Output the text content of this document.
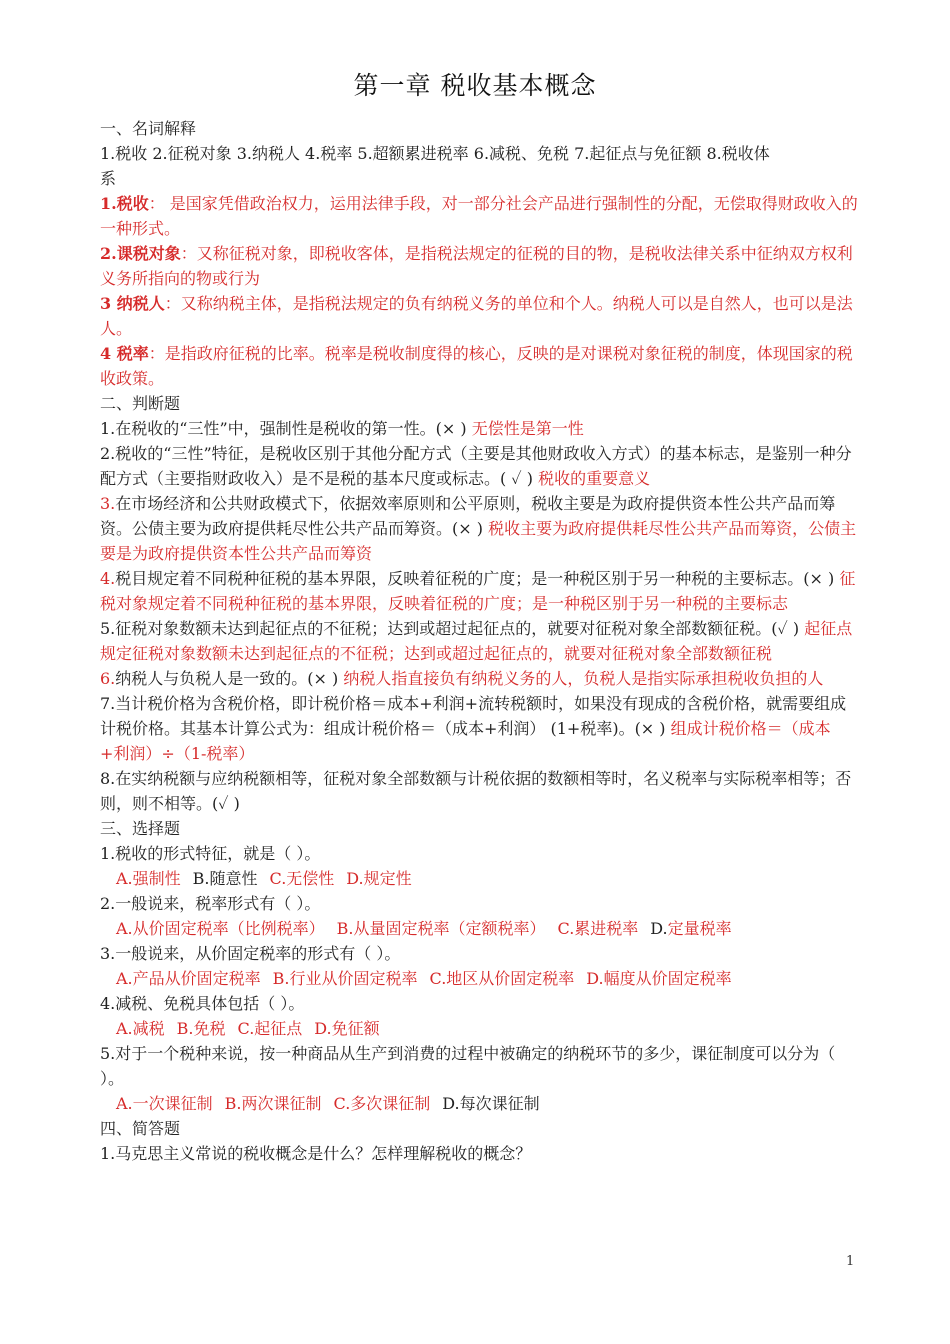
第一章 税收基本概念

一、名词解释

1.税收 2.征税对象 3.纳税人 4.税率 5.超额累进税率 6.减税、免税 7.起征点与免征额 8.税收体
系

1.税收： 是国家凭借政治权力，运用法律手段，对一部分社会产品进行强制性的分配，无偿取得财政收入的一种形式。

2.课税对象：又称征税对象，即税收客体，是指税法规定的征税的目的物，是税收法律关系中征纳双方权利义务所指向的物或行为

3 纳税人：又称纳税主体，是指税法规定的负有纳税义务的单位和个人。纳税人可以是自然人，也可以是法人。

4 税率：是指政府征税的比率。税率是税收制度得的核心，反映的是对课税对象征税的制度，体现国家的税收政策。

二、判断题

1.在税收的“三性”中，强制性是税收的第一性。(× ) 无偿性是第一性

2.税收的“三性”特征，是税收区别于其他分配方式（主要是其他财政收入方式）的基本标志，是鉴别一种分配方式（主要指财政收入）是不是税的基本尺度或标志。( ✓ ) 税收的重要意义

3.在市场经济和公共财政模式下，依据效率原则和公平原则，税收主要是为政府提供资本性公共产品而筹资。公债主要为政府提供耗尽性公共产品而筹资。(× ) 税收主要为政府提供耗尽性公共产品而筹资，公债主要是为政府提供资本性公共产品而筹资

4.税目规定着不同税种征税的基本界限，反映着征税的广度；是一种税区别于另一种税的主要标志。(× ) 征税对象规定着不同税种征税的基本界限，反映着征税的广度；是一种税区别于另一种税的主要标志

5.征税对象数额未达到起征点的不征税；达到或超过起征点的，就要对征税对象全部数额征税。(✓ ) 起征点规定征税对象数额未达到起征点的不征税；达到或超过起征点的，就要对征税对象全部数额征税

6.纳税人与负税人是一致的。(× ) 纳税人指直接负有纳税义务的人，负税人是指实际承担税收负担的人

7.当计税价格为含税价格，即计税价格＝成本+利润+流转税额时，如果没有现成的含税价格，就需要组成计税价格。其基本计算公式为：组成计税价格＝（成本+利润） (1+税率)。(× ) 组成计税价格＝（成本+利润）÷（1-税率）

8.在实纳税额与应纳税额相等，征税对象全部数额与计税依据的数额相等时，名义税率与实际税率相等；否则，则不相等。(✓ )

三、选择题

1.税收的形式特征，就是（ ）。

A.强制性 B.随意性 C.无偿性 D.规定性

2.一般说来，税率形式有（ ）。

A.从价固定税率（比例税率） B.从量固定税率（定额税率） C.累进税率 D.定量税率

3.一般说来，从价固定税率的形式有（ ）。

A.产品从价固定税率 B.行业从价固定税率 C.地区从价固定税率 D.幅度从价固定税率

4.减税、免税具体包括（ ）。

A.减税 B.免税 C.起征点 D.免征额

5.对于一个税种来说，按一种商品从生产到消费的过程中被确定的纳税环节的多少，课征制度可以分为（ ）。

A.一次课征制 B.两次课征制 C.多次课征制 D.每次课征制

四、简答题

1.马克思主义常说的税收概念是什么？怎样理解税收的概念？

1
